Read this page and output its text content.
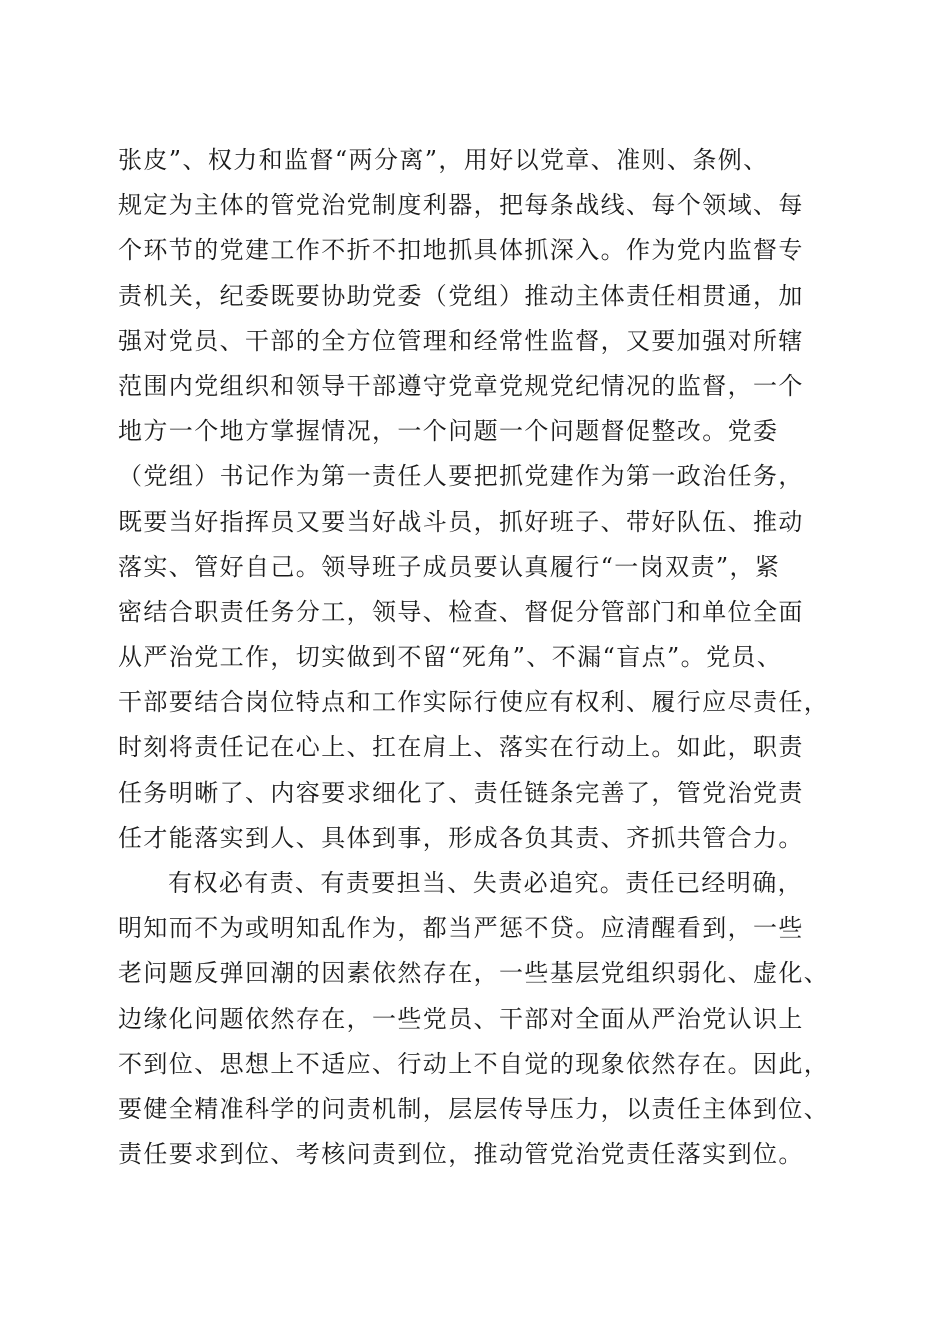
张皮”、权力和监督“两分离”，用好以党章、准则、条例、
规定为主体的管党治党制度利器，把每条战线、每个领域、每
个环节的党建工作不折不扣地抓具体抓深入。作为党内监督专
责机关，纪委既要协助党委（党组）推动主体责任相贯通，加
强对党员、干部的全方位管理和经常性监督，又要加强对所辖
范围内党组织和领导干部遵守党章党规党纪情况的监督，一个
地方一个地方掌握情况，一个问题一个问题督促整改。党委
（党组）书记作为第一责任人要把抓党建作为第一政治任务，
既要当好指挥员又要当好战斗员，抓好班子、带好队伍、推动
落实、管好自己。领导班子成员要认真履行“一岗双责”，紧
密结合职责任务分工，领导、检查、督促分管部门和单位全面
从严治党工作，切实做到不留“死角”、不漏“盲点”。党员、
干部要结合岗位特点和工作实际行使应有权利、履行应尽责任，
时刻将责任记在心上、扛在肩上、落实在行动上。如此，职责
任务明晰了、内容要求细化了、责任链条完善了，管党治党责
任才能落实到人、具体到事，形成各负其责、齐抓共管合力。
有权必有责、有责要担当、失责必追究。责任已经明确，
明知而不为或明知乱作为，都当严惩不贷。应清醒看到，一些
老问题反弹回潮的因素依然存在，一些基层党组织弱化、虚化、
边缘化问题依然存在，一些党员、干部对全面从严治党认识上
不到位、思想上不适应、行动上不自觉的现象依然存在。因此，
要健全精准科学的问责机制，层层传导压力，以责任主体到位、
责任要求到位、考核问责到位，推动管党治党责任落实到位。
